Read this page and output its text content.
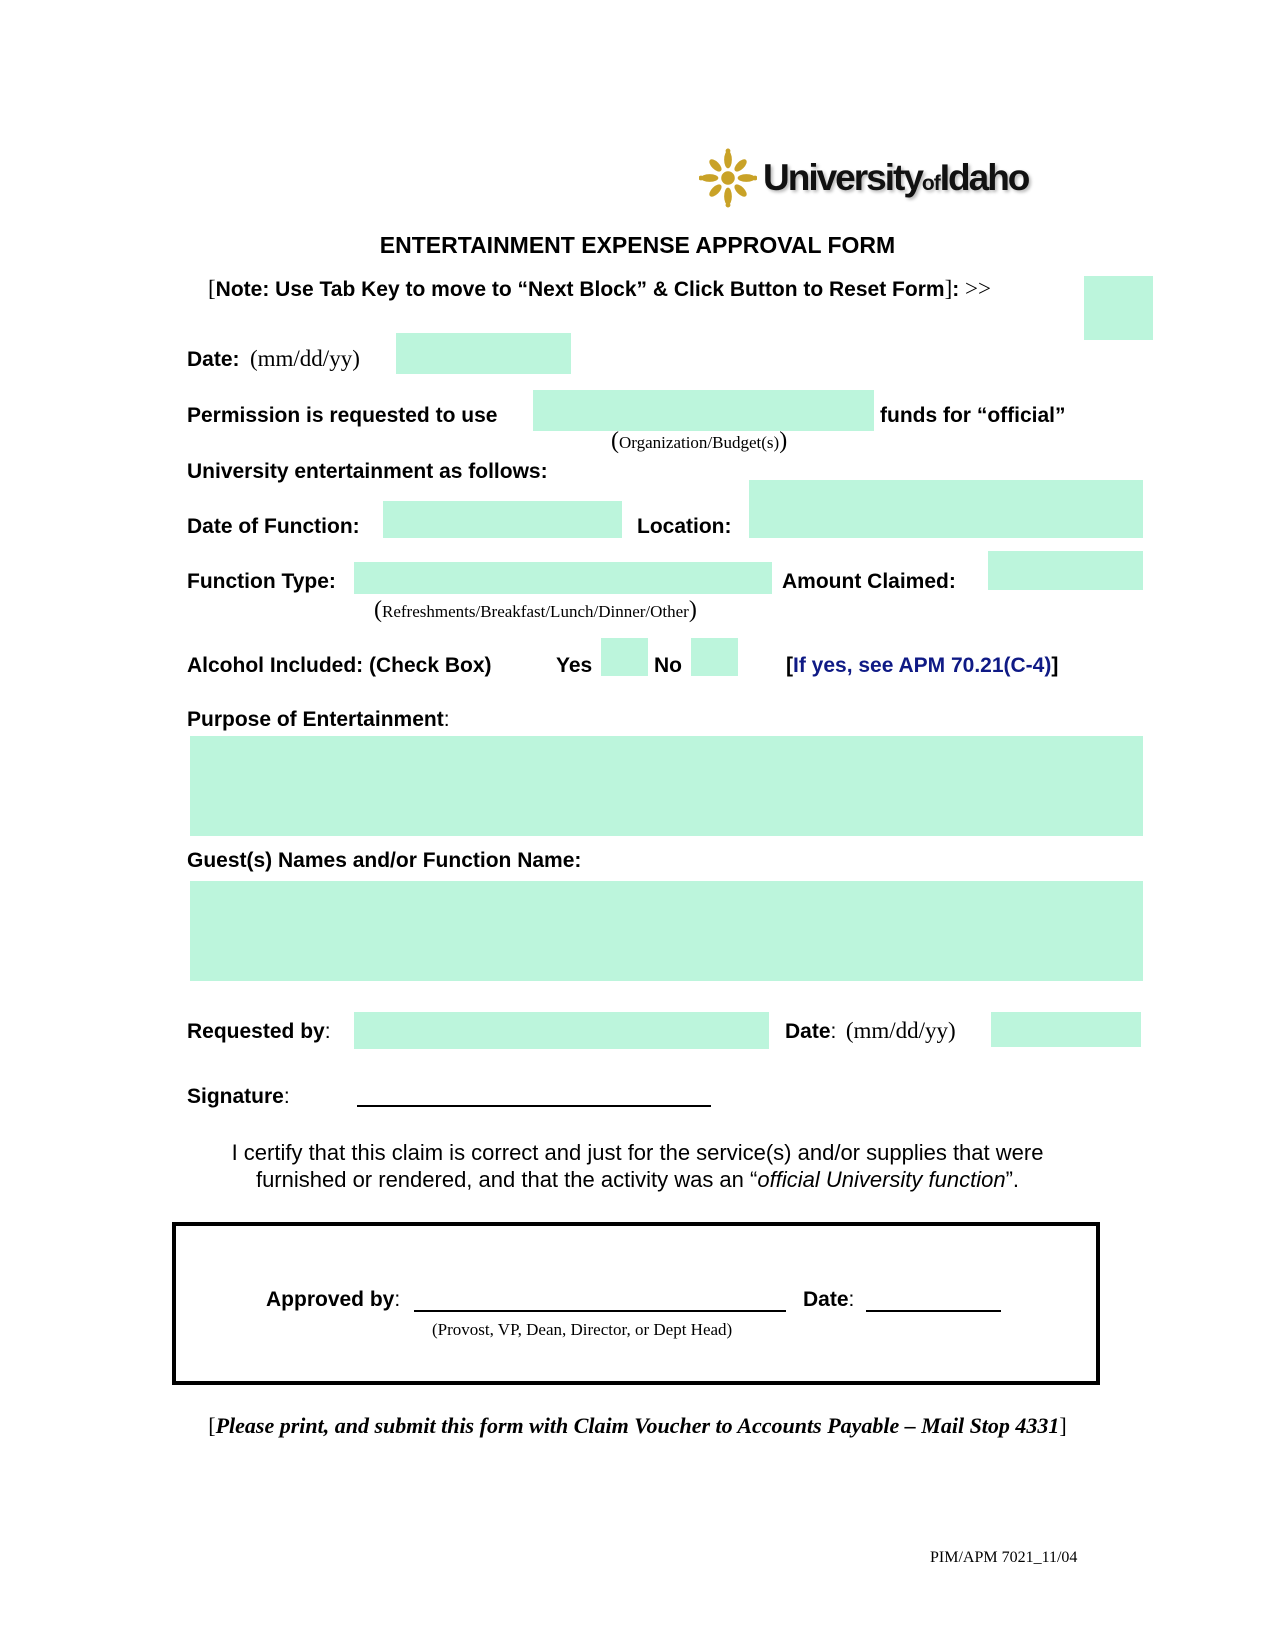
UniversityofIdaho
ENTERTAINMENT EXPENSE APPROVAL FORM
[Note: Use Tab Key to move to “Next Block” & Click Button to Reset Form]: >>
Date: (mm/dd/yy)
Permission is requested to use	funds for “official”
(Organization/Budget(s))
University entertainment as follows:
Date of Function:	Location:
Function Type:	Amount Claimed:
(Refreshments/Breakfast/Lunch/Dinner/Other)
Alcohol Included: (Check Box)	Yes	No	[If yes, see APM 70.21(C-4)]
Purpose of Entertainment:
Guest(s) Names and/or Function Name:
Requested by:	Date: (mm/dd/yy)
Signature:
I certify that this claim is correct and just for the service(s) and/or supplies that were
furnished or rendered, and that the activity was an “official University function”.
Approved by:	Date:
(Provost, VP, Dean, Director, or Dept Head)
[Please print, and submit this form with Claim Voucher to Accounts Payable – Mail Stop 4331]
PIM/APM 7021_11/04
